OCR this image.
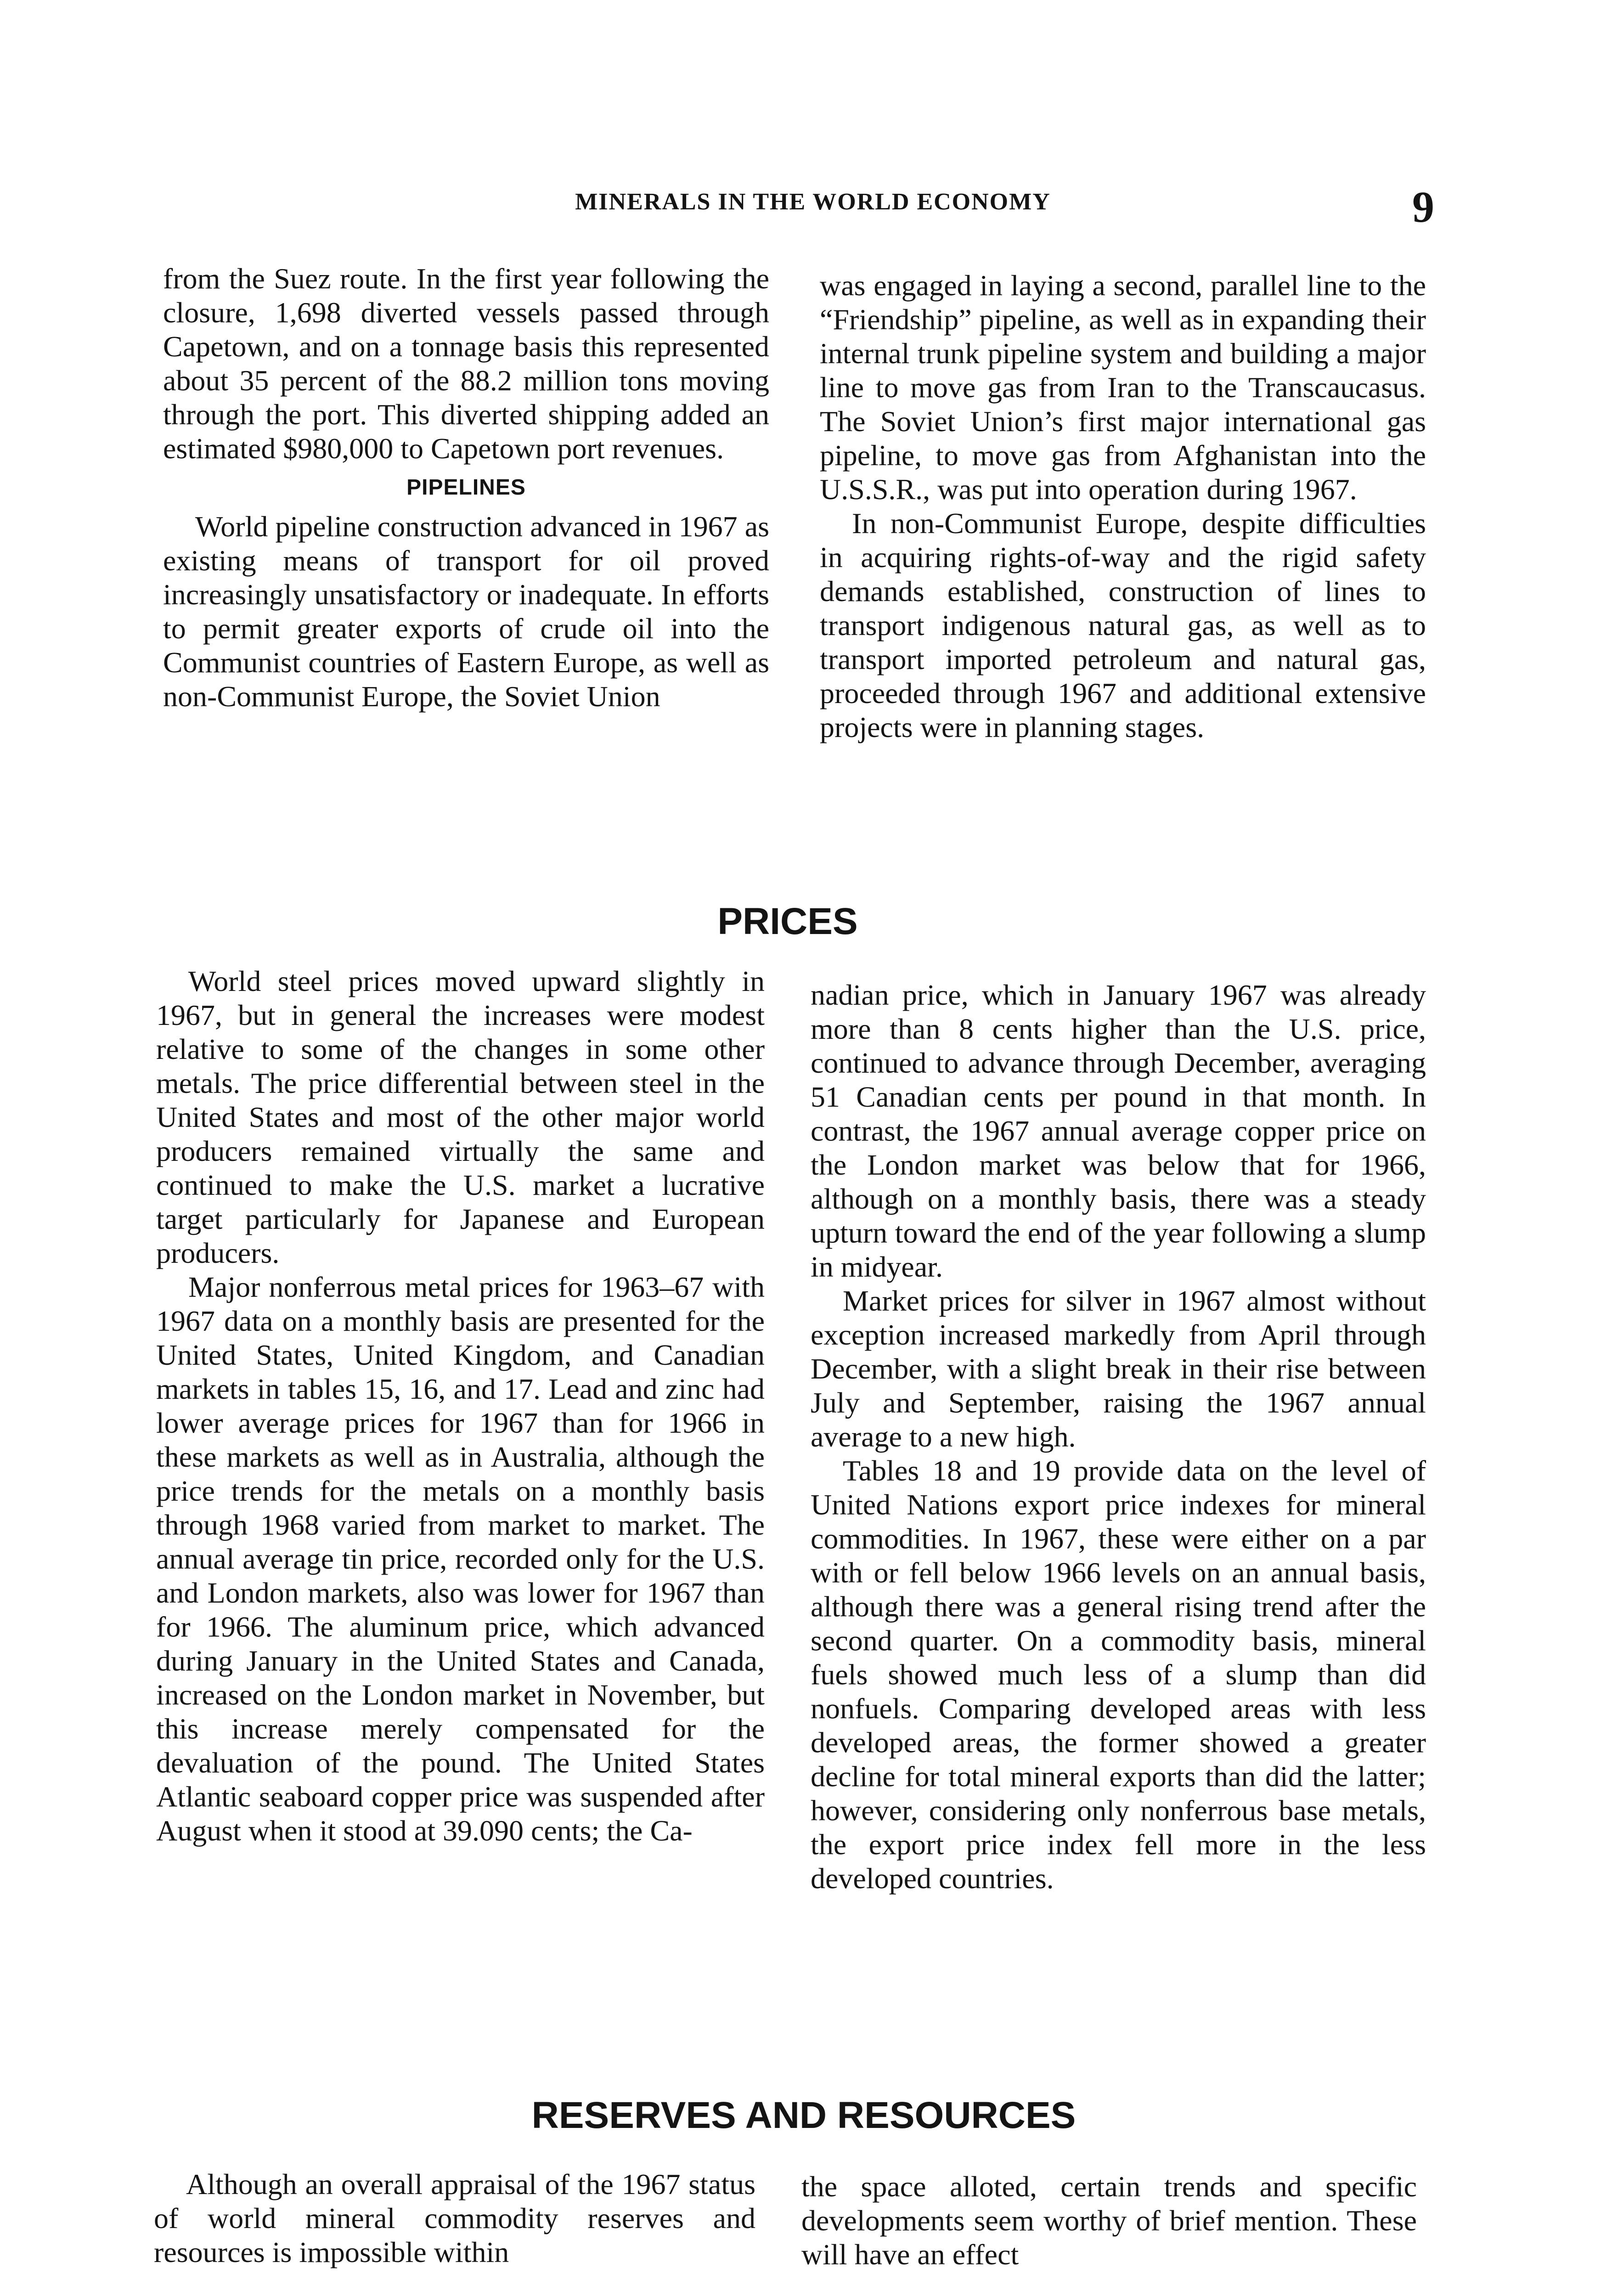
MINERALS IN THE WORLD ECONOMY	9

from the Suez route. In the first year following the closure, 1,698 diverted vessels passed through Capetown, and on a tonnage basis this represented about 35 percent of the 88.2 million tons moving through the port. This diverted shipping added an estimated $980,000 to Capetown port revenues.

PIPELINES

World pipeline construction advanced in 1967 as existing means of transport for oil proved increasingly unsatisfactory or inadequate. In efforts to permit greater exports of crude oil into the Communist countries of Eastern Europe, as well as non-Communist Europe, the Soviet Union

was engaged in laying a second, parallel line to the “Friendship” pipeline, as well as in expanding their internal trunk pipeline system and building a major line to move gas from Iran to the Transcaucasus. The Soviet Union’s first major international gas pipeline, to move gas from Afghanistan into the U.S.S.R., was put into operation during 1967.

In non-Communist Europe, despite difficulties in acquiring rights-of-way and the rigid safety demands established, construction of lines to transport indigenous natural gas, as well as to transport imported petroleum and natural gas, proceeded through 1967 and additional extensive projects were in planning stages.

PRICES

World steel prices moved upward slightly in 1967, but in general the increases were modest relative to some of the changes in some other metals. The price differential between steel in the United States and most of the other major world producers remained virtually the same and continued to make the U.S. market a lucrative target particularly for Japanese and European producers.

Major nonferrous metal prices for 1963–67 with 1967 data on a monthly basis are presented for the United States, United Kingdom, and Canadian markets in tables 15, 16, and 17. Lead and zinc had lower average prices for 1967 than for 1966 in these markets as well as in Australia, although the price trends for the metals on a monthly basis through 1968 varied from market to market. The annual average tin price, recorded only for the U.S. and London markets, also was lower for 1967 than for 1966. The aluminum price, which advanced during January in the United States and Canada, increased on the London market in November, but this increase merely compensated for the devaluation of the pound. The United States Atlantic seaboard copper price was suspended after August when it stood at 39.090 cents; the Ca-

nadian price, which in January 1967 was already more than 8 cents higher than the U.S. price, continued to advance through December, averaging 51 Canadian cents per pound in that month. In contrast, the 1967 annual average copper price on the London market was below that for 1966, although on a monthly basis, there was a steady upturn toward the end of the year following a slump in midyear.

Market prices for silver in 1967 almost without exception increased markedly from April through December, with a slight break in their rise between July and September, raising the 1967 annual average to a new high.

Tables 18 and 19 provide data on the level of United Nations export price indexes for mineral commodities. In 1967, these were either on a par with or fell below 1966 levels on an annual basis, although there was a general rising trend after the second quarter. On a commodity basis, mineral fuels showed much less of a slump than did nonfuels. Comparing developed areas with less developed areas, the former showed a greater decline for total mineral exports than did the latter; however, considering only nonferrous base metals, the export price index fell more in the less developed countries.

RESERVES AND RESOURCES

Although an overall appraisal of the 1967 status of world mineral commodity reserves and resources is impossible within

the space alloted, certain trends and specific developments seem worthy of brief mention. These will have an effect
